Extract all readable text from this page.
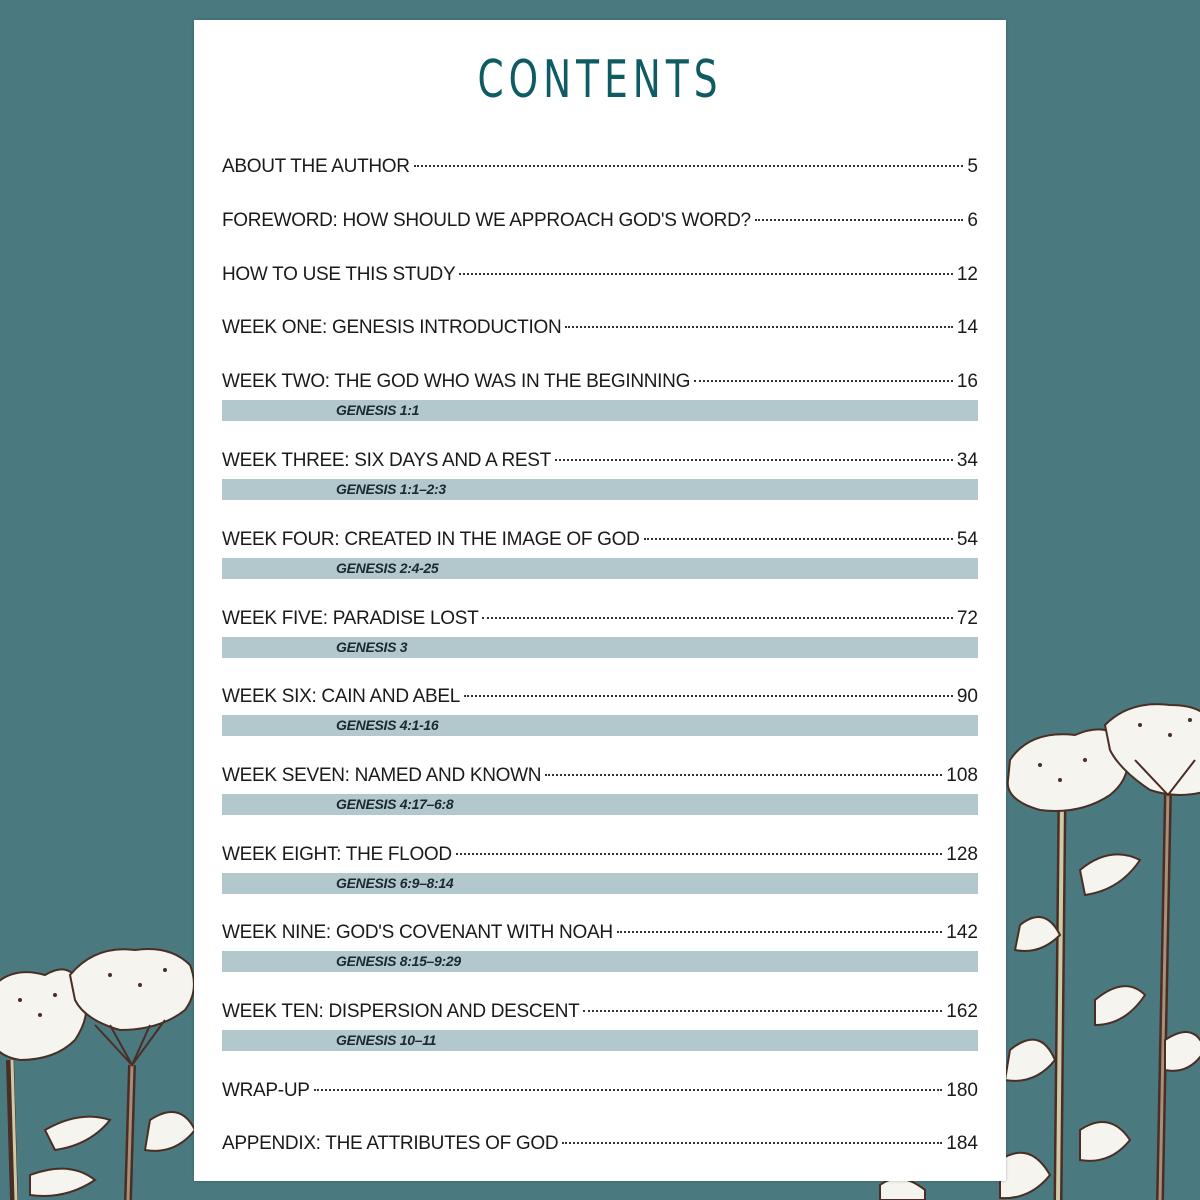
CONTENTS
ABOUT THE AUTHOR	5
FOREWORD: HOW SHOULD WE APPROACH GOD'S WORD?	6
HOW TO USE THIS STUDY	12
WEEK ONE: GENESIS INTRODUCTION	14
WEEK TWO: THE GOD WHO WAS IN THE BEGINNING	16
GENESIS 1:1
WEEK THREE: SIX DAYS AND A REST	34
GENESIS 1:1–2:3
WEEK FOUR: CREATED IN THE IMAGE OF GOD	54
GENESIS 2:4-25
WEEK FIVE: PARADISE LOST	72
GENESIS 3
WEEK SIX: CAIN AND ABEL	90
GENESIS 4:1-16
WEEK SEVEN: NAMED AND KNOWN	108
GENESIS 4:17–6:8
WEEK EIGHT: THE FLOOD	128
GENESIS 6:9–8:14
WEEK NINE: GOD'S COVENANT WITH NOAH	142
GENESIS 8:15–9:29
WEEK TEN: DISPERSION AND DESCENT	162
GENESIS 10–11
WRAP-UP	180
APPENDIX: THE ATTRIBUTES OF GOD	184
